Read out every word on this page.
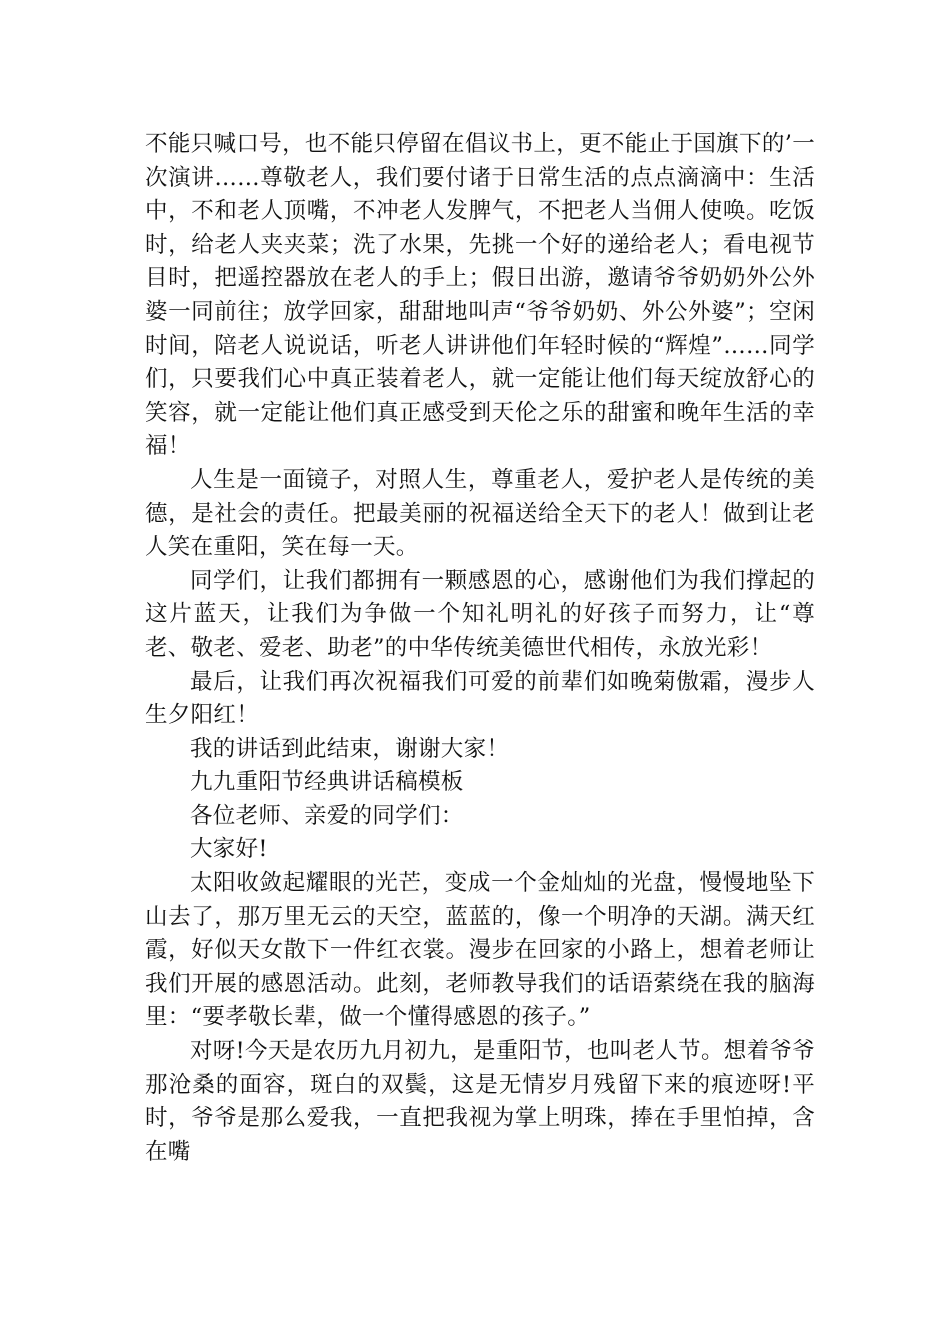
不能只喊口号，也不能只停留在倡议书上，更不能止于国旗下的’一次演讲……尊敬老人，我们要付诸于日常生活的点点滴滴中：生活中，不和老人顶嘴，不冲老人发脾气，不把老人当佣人使唤。吃饭时，给老人夹夹菜；洗了水果，先挑一个好的递给老人；看电视节目时，把遥控器放在老人的手上；假日出游，邀请爷爷奶奶外公外婆一同前往；放学回家，甜甜地叫声“爷爷奶奶、外公外婆”；空闲时间，陪老人说说话，听老人讲讲他们年轻时候的“辉煌”……同学们，只要我们心中真正装着老人，就一定能让他们每天绽放舒心的笑容，就一定能让他们真正感受到天伦之乐的甜蜜和晚年生活的幸福！

人生是一面镜子，对照人生，尊重老人，爱护老人是传统的美德，是社会的责任。把最美丽的祝福送给全天下的老人！做到让老人笑在重阳，笑在每一天。

同学们，让我们都拥有一颗感恩的心，感谢他们为我们撑起的这片蓝天，让我们为争做一个知礼明礼的好孩子而努力，让“尊老、敬老、爱老、助老”的中华传统美德世代相传，永放光彩！

最后，让我们再次祝福我们可爱的前辈们如晚菊傲霜，漫步人生夕阳红！

我的讲话到此结束，谢谢大家！

九九重阳节经典讲话稿模板

各位老师、亲爱的同学们：

大家好!

太阳收敛起耀眼的光芒，变成一个金灿灿的光盘，慢慢地坠下山去了，那万里无云的天空，蓝蓝的，像一个明净的天湖。满天红霞，好似天女散下一件红衣裳。漫步在回家的小路上，想着老师让我们开展的感恩活动。此刻，老师教导我们的话语萦绕在我的脑海里：“要孝敬长辈，做一个懂得感恩的孩子。”

对呀!今天是农历九月初九，是重阳节，也叫老人节。想着爷爷那沧桑的面容，斑白的双鬓，这是无情岁月残留下来的痕迹呀!平时，爷爷是那么爱我，一直把我视为掌上明珠，捧在手里怕掉，含在嘴
